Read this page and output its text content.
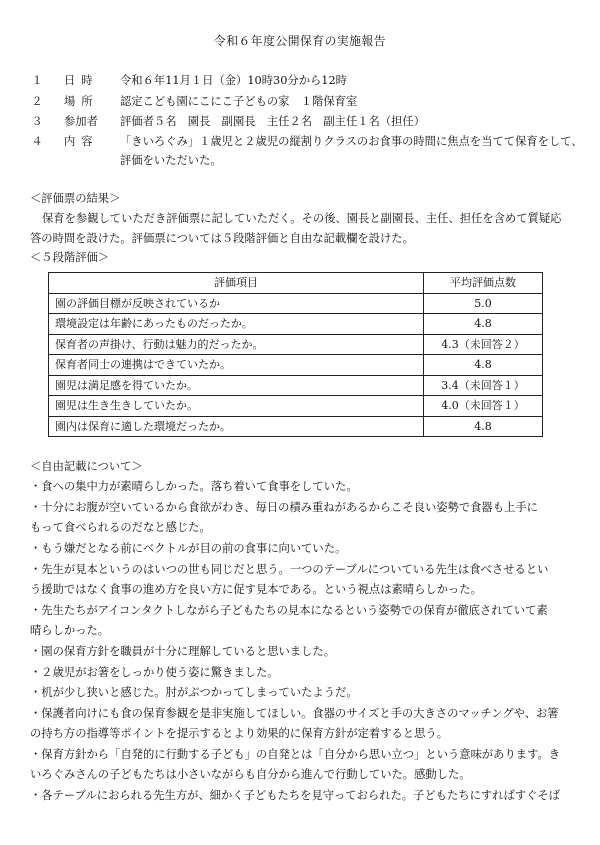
令和６年度公開保育の実施報告
１ 日時	令和６年11月１日（金）10時30分から12時
２ 場所	認定こども園にこにこ子どもの家　１階保育室
３ 参加者	評価者５名　園長　副園長　主任２名　副主任１名（担任）
４ 内容	「きいろぐみ」１歳児と２歳児の縦割りクラスのお食事の時間に焦点を当てて保育をして、
評価をいただいた。
＜評価票の結果＞
保育を参観していただき評価票に記していただく。その後、園長と副園長、主任、担任を含めて質疑応
答の時間を設けた。評価票については５段階評価と自由な記載欄を設けた。
＜５段階評価＞
評価項目	平均評価点数
園の評価目標が反映されているか	5.0
環境設定は年齢にあったものだったか。	4.8
保育者の声掛け、行動は魅力的だったか。	4.3（未回答２）
保育者同士の連携はできていたか。	4.8
園児は満足感を得ていたか。	3.4（未回答１）
園児は生き生きしていたか。	4.0（未回答１）
園内は保育に適した環境だったか。	4.8
＜自由記載について＞
・食への集中力が素晴らしかった。落ち着いて食事をしていた。
・十分にお腹が空いているから食欲がわき、毎日の積み重ねがあるからこそ良い姿勢で食器も上手に
もって食べられるのだなと感じた。
・もう嫌だとなる前にベクトルが目の前の食事に向いていた。
・先生が見本というのはいつの世も同じだと思う。一つのテーブルについている先生は食べさせるとい
う援助ではなく食事の進め方を良い方に促す見本である。という視点は素晴らしかった。
・先生たちがアイコンタクトしながら子どもたちの見本になるという姿勢での保育が徹底されていて素
晴らしかった。
・園の保育方針を職員が十分に理解していると思いました。
・２歳児がお箸をしっかり使う姿に驚きました。
・机が少し狭いと感じた。肘がぶつかってしまっていたようだ。
・保護者向けにも食の保育参観を是非実施してほしい。食器のサイズと手の大きさのマッチングや、お箸
の持ち方の指導等ポイントを提示するとより効果的に保育方針が定着すると思う。
・保育方針から「自発的に行動する子ども」の自発とは「自分から思い立つ」という意味があります。き
いろぐみさんの子どもたちは小さいながらも自分から進んで行動していた。感動した。
・各テーブルにおられる先生方が、細かく子どもたちを見守っておられた。子どもたちにすればすぐそば
